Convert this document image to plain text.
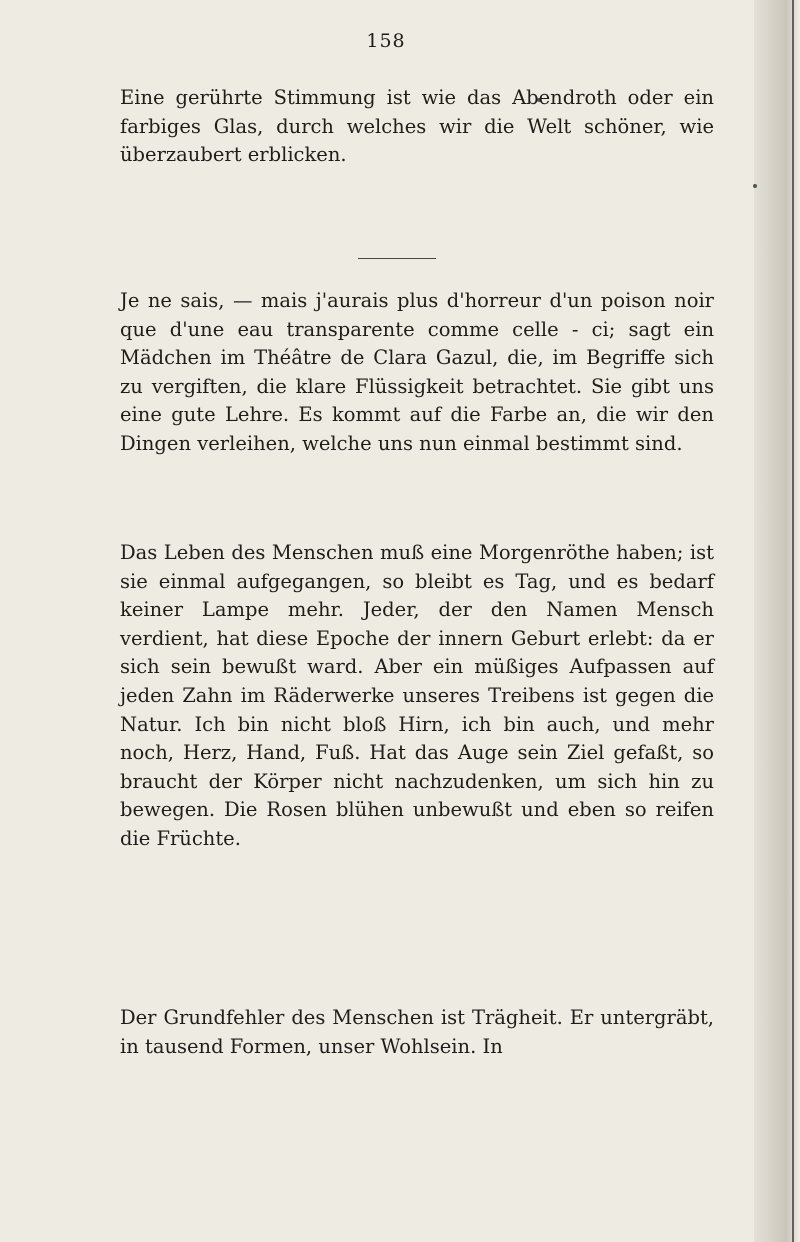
158

Eine gerührte Stimmung ist wie das Abendroth oder ein farbiges Glas, durch welches wir die Welt schöner, wie überzaubert erblicken.

Je ne sais, — mais j'aurais plus d'horreur d'un poison noir que d'une eau transparente comme celle - ci; sagt ein Mädchen im Théâtre de Clara Gazul, die, im Begriffe sich zu vergiften, die klare Flüssigkeit betrachtet. Sie gibt uns eine gute Lehre. Es kommt auf die Farbe an, die wir den Dingen verleihen, welche uns nun einmal bestimmt sind.

Das Leben des Menschen muß eine Morgenröthe haben; ist sie einmal aufgegangen, so bleibt es Tag, und es bedarf keiner Lampe mehr. Jeder, der den Namen Mensch verdient, hat diese Epoche der innern Geburt erlebt: da er sich sein bewußt ward. Aber ein müßiges Aufpassen auf jeden Zahn im Räderwerke unseres Treibens ist gegen die Natur. Ich bin nicht bloß Hirn, ich bin auch, und mehr noch, Herz, Hand, Fuß. Hat das Auge sein Ziel gefaßt, so braucht der Körper nicht nachzudenken, um sich hin zu bewegen. Die Rosen blühen unbewußt und eben so reifen die Früchte.

Der Grundfehler des Menschen ist Trägheit. Er untergräbt, in tausend Formen, unser Wohlsein. In
